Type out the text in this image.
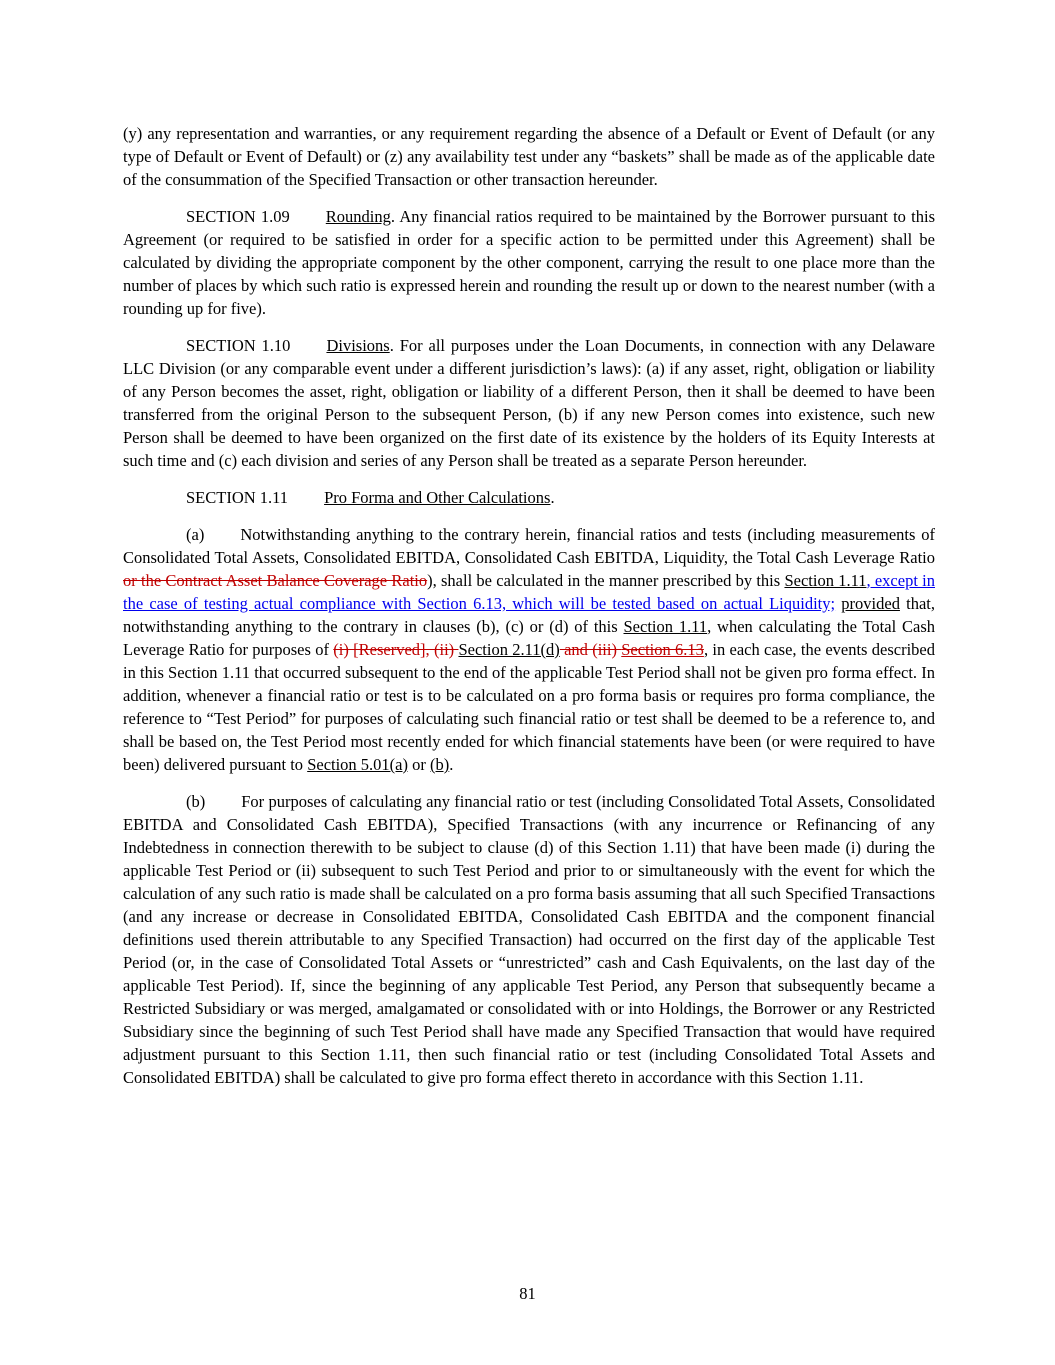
(y) any representation and warranties, or any requirement regarding the absence of a Default or Event of Default (or any type of Default or Event of Default) or (z) any availability test under any “baskets” shall be made as of the applicable date of the consummation of the Specified Transaction or other transaction hereunder.

SECTION 1.09 Rounding. Any financial ratios required to be maintained by the Borrower pursuant to this Agreement (or required to be satisfied in order for a specific action to be permitted under this Agreement) shall be calculated by dividing the appropriate component by the other component, carrying the result to one place more than the number of places by which such ratio is expressed herein and rounding the result up or down to the nearest number (with a rounding up for five).

SECTION 1.10 Divisions. For all purposes under the Loan Documents, in connection with any Delaware LLC Division (or any comparable event under a different jurisdiction’s laws): (a) if any asset, right, obligation or liability of any Person becomes the asset, right, obligation or liability of a different Person, then it shall be deemed to have been transferred from the original Person to the subsequent Person, (b) if any new Person comes into existence, such new Person shall be deemed to have been organized on the first date of its existence by the holders of its Equity Interests at such time and (c) each division and series of any Person shall be treated as a separate Person hereunder.

SECTION 1.11 Pro Forma and Other Calculations.

(a) Notwithstanding anything to the contrary herein, financial ratios and tests (including measurements of Consolidated Total Assets, Consolidated EBITDA, Consolidated Cash EBITDA, Liquidity, the Total Cash Leverage Ratio or the Contract Asset Balance Coverage Ratio), shall be calculated in the manner prescribed by this Section 1.11, except in the case of testing actual compliance with Section 6.13, which will be tested based on actual Liquidity; provided that, notwithstanding anything to the contrary in clauses (b), (c) or (d) of this Section 1.11, when calculating the Total Cash Leverage Ratio for purposes of (i) [Reserved], (ii) Section 2.11(d) and (iii) Section 6.13, in each case, the events described in this Section 1.11 that occurred subsequent to the end of the applicable Test Period shall not be given pro forma effect. In addition, whenever a financial ratio or test is to be calculated on a pro forma basis or requires pro forma compliance, the reference to “Test Period” for purposes of calculating such financial ratio or test shall be deemed to be a reference to, and shall be based on, the Test Period most recently ended for which financial statements have been (or were required to have been) delivered pursuant to Section 5.01(a) or (b).

(b) For purposes of calculating any financial ratio or test (including Consolidated Total Assets, Consolidated EBITDA and Consolidated Cash EBITDA), Specified Transactions (with any incurrence or Refinancing of any Indebtedness in connection therewith to be subject to clause (d) of this Section 1.11) that have been made (i) during the applicable Test Period or (ii) subsequent to such Test Period and prior to or simultaneously with the event for which the calculation of any such ratio is made shall be calculated on a pro forma basis assuming that all such Specified Transactions (and any increase or decrease in Consolidated EBITDA, Consolidated Cash EBITDA and the component financial definitions used therein attributable to any Specified Transaction) had occurred on the first day of the applicable Test Period (or, in the case of Consolidated Total Assets or “unrestricted” cash and Cash Equivalents, on the last day of the applicable Test Period). If, since the beginning of any applicable Test Period, any Person that subsequently became a Restricted Subsidiary or was merged, amalgamated or consolidated with or into Holdings, the Borrower or any Restricted Subsidiary since the beginning of such Test Period shall have made any Specified Transaction that would have required adjustment pursuant to this Section 1.11, then such financial ratio or test (including Consolidated Total Assets and Consolidated EBITDA) shall be calculated to give pro forma effect thereto in accordance with this Section 1.11.

81
